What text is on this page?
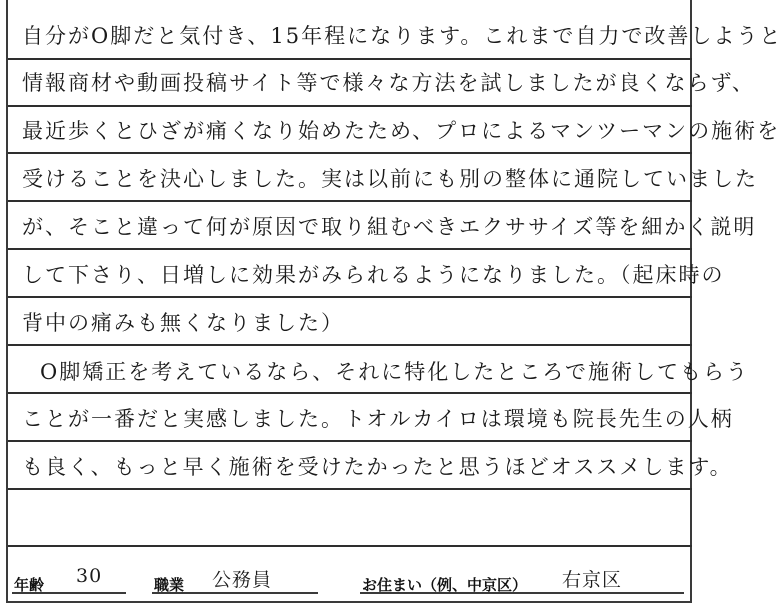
自分がO脚だと気付き、15年程になります。これまで自力で改善しようと
情報商材や動画投稿サイト等で様々な方法を試しましたが良くならず、
最近歩くとひざが痛くなり始めたため、プロによるマンツーマンの施術を
受けることを決心しました。実は以前にも別の整体に通院していました
が、そこと違って何が原因で取り組むべきエクササイズ等を細かく説明
して下さり、日増しに効果がみられるようになりました。（起床時の
背中の痛みも無くなりました）
O脚矯正を考えているなら、それに特化したところで施術してもらう
ことが一番だと実感しました。トオルカイロは環境も院長先生の人柄
も良く、もっと早く施術を受けたかったと思うほどオススメします。
年齢 30	職業 公務員	お住まい（例、中京区） 右京区
